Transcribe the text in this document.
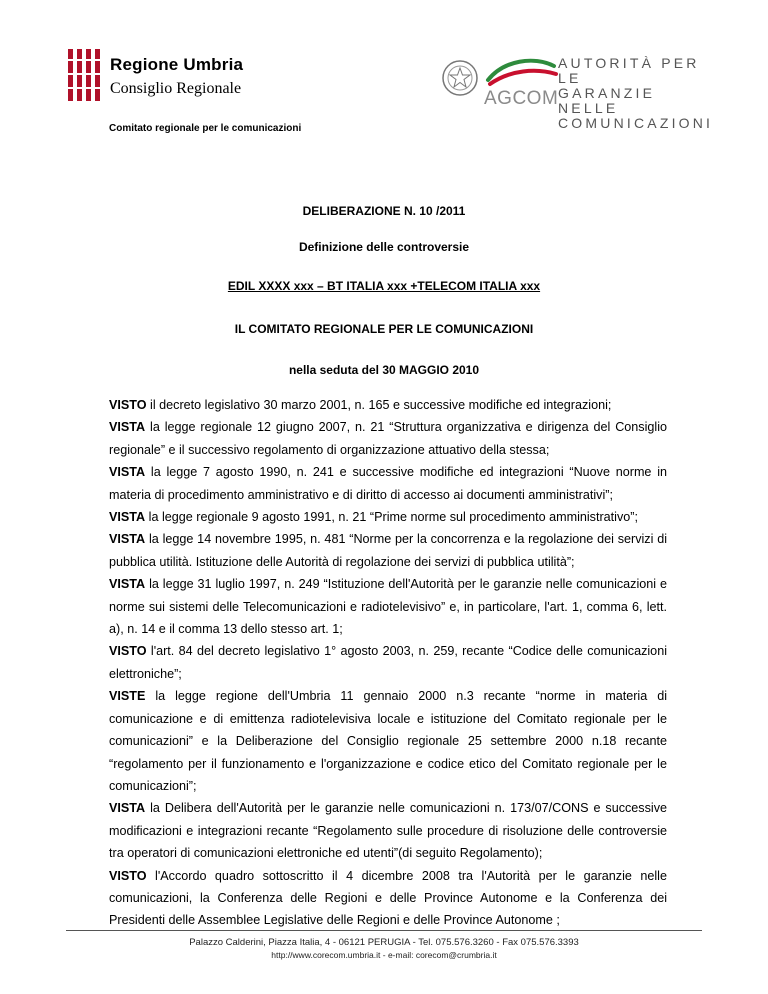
Regione Umbria
Consiglio Regionale	AGCOM
AUTORITÀ PER LE
GARANZIE NELLE
COMUNICAZIONI
Comitato regionale per le comunicazioni
DELIBERAZIONE N. 10 /2011
Definizione delle controversie
EDIL XXXX xxx – BT ITALIA xxx +TELECOM ITALIA xxx
IL COMITATO REGIONALE PER LE COMUNICAZIONI
nella seduta del 30 MAGGIO 2010

VISTO il decreto legislativo 30 marzo 2001, n. 165 e successive modifiche ed integrazioni;

VISTA la legge regionale 12 giugno 2007, n. 21 “Struttura organizzativa e dirigenza del Consiglio regionale” e il successivo regolamento di organizzazione attuativo della stessa;

VISTA la legge 7 agosto 1990, n. 241 e successive modifiche ed integrazioni “Nuove norme in materia di procedimento amministrativo e di diritto di accesso ai documenti amministrativi”;

VISTA la legge regionale 9 agosto 1991, n. 21 “Prime norme sul procedimento amministrativo”;

VISTA la legge 14 novembre 1995, n. 481 “Norme per la concorrenza e la regolazione dei servizi di pubblica utilità. Istituzione delle Autorità di regolazione dei servizi di pubblica utilità”;

VISTA la legge 31 luglio 1997, n. 249 “Istituzione dell'Autorità per le garanzie nelle comunicazioni e norme sui sistemi delle Telecomunicazioni e radiotelevisivo” e, in particolare, l'art. 1, comma 6, lett. a), n. 14 e il comma 13 dello stesso art. 1;

VISTO l'art. 84 del decreto legislativo 1° agosto 2003, n. 259, recante “Codice delle comunicazioni elettroniche”;

VISTE la legge regione dell'Umbria 11 gennaio 2000 n.3 recante “norme in materia di comunicazione e di emittenza radiotelevisiva locale e istituzione del Comitato regionale per le comunicazioni” e la Deliberazione del Consiglio regionale 25 settembre 2000 n.18 recante “regolamento per il funzionamento e l'organizzazione e codice etico del Comitato regionale per le comunicazioni”;

VISTA la Delibera dell'Autorità per le garanzie nelle comunicazioni n. 173/07/CONS e successive modificazioni e integrazioni recante “Regolamento sulle procedure di risoluzione delle controversie tra operatori di comunicazioni elettroniche ed utenti”(di seguito Regolamento);

VISTO l'Accordo quadro sottoscritto il 4 dicembre 2008 tra l'Autorità per le garanzie nelle comunicazioni, la Conferenza delle Regioni e delle Province Autonome e la Conferenza dei Presidenti delle Assemblee Legislative delle Regioni e delle Province Autonome ;

Palazzo Calderini, Piazza Italia, 4 - 06121 PERUGIA - Tel. 075.576.3260 - Fax 075.576.3393
http://www.corecom.umbria.it - e-mail: corecom@crumbria.it
